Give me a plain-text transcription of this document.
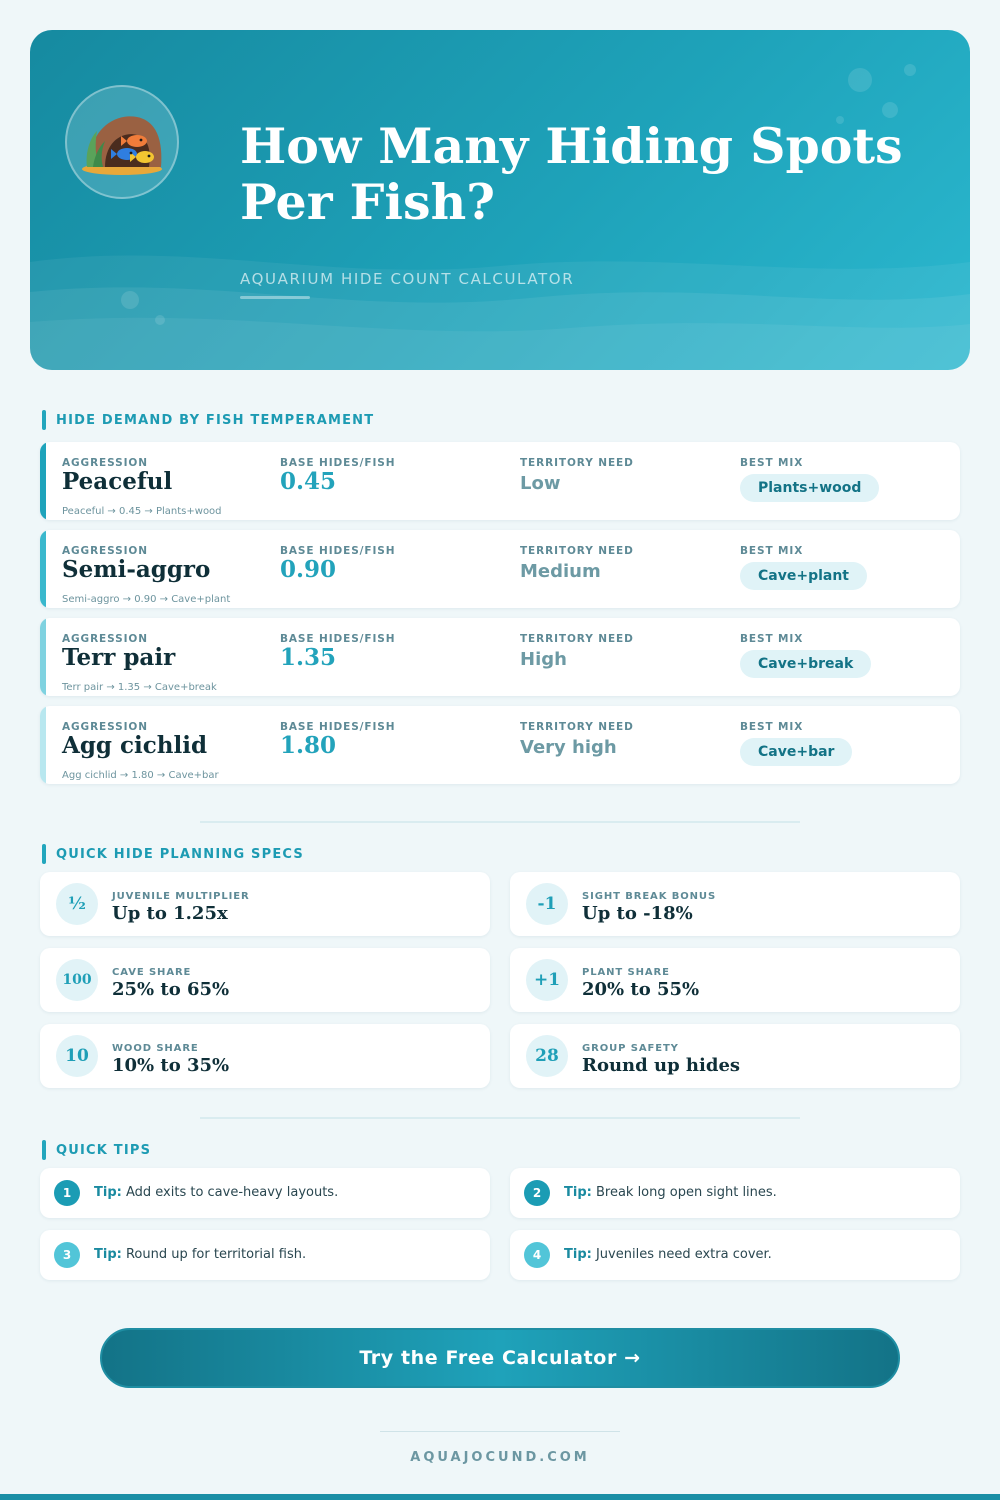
How Many Hiding Spots Per Fish?
AQUARIUM HIDE COUNT CALCULATOR
HIDE DEMAND BY FISH TEMPERAMENT
AGGRESSION	BASE HIDES/FISH	TERRITORY NEED	BEST MIX
Peaceful	0.45	Low	Plants+wood
Peaceful → 0.45 → Plants+wood
AGGRESSION	BASE HIDES/FISH	TERRITORY NEED	BEST MIX
Semi-aggro	0.90	Medium	Cave+plant
Semi-aggro → 0.90 → Cave+plant
AGGRESSION	BASE HIDES/FISH	TERRITORY NEED	BEST MIX
Terr pair	1.35	High	Cave+break
Terr pair → 1.35 → Cave+break
AGGRESSION	BASE HIDES/FISH	TERRITORY NEED	BEST MIX
Agg cichlid	1.80	Very high	Cave+bar
Agg cichlid → 1.80 → Cave+bar
QUICK HIDE PLANNING SPECS
½	JUVENILE MULTIPLIER
Up to 1.25x	-1	SIGHT BREAK BONUS
Up to -18%
100	CAVE SHARE
25% to 65%	+1	PLANT SHARE
20% to 55%
10	WOOD SHARE
10% to 35%	28	GROUP SAFETY
Round up hides
QUICK TIPS
1	Tip: Add exits to cave-heavy layouts.	2	Tip: Break long open sight lines.
3	Tip: Round up for territorial fish.	4	Tip: Juveniles need extra cover.
Try the Free Calculator →
AQUAJOCUND.COM
